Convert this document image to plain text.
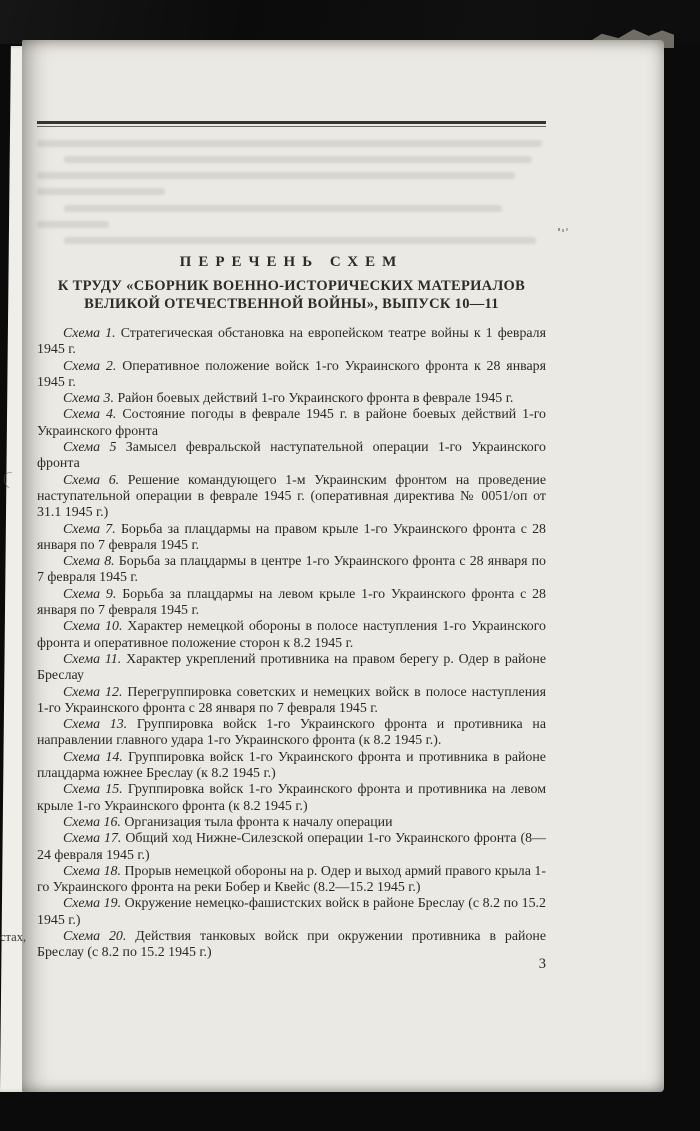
стах,
ПЕРЕЧЕНЬ СХЕМ
К ТРУДУ «СБОРНИК ВОЕННО-ИСТОРИЧЕСКИХ МАТЕРИАЛОВ
ВЕЛИКОЙ ОТЕЧЕСТВЕННОЙ ВОЙНЫ», ВЫПУСК 10—11

Схема 1. Стратегическая обстановка на европейском театре войны к 1 февраля 1945 г.

Схема 2. Оперативное положение войск 1-го Украинского фронта к 28 января 1945 г.

Схема 3. Район боевых действий 1-го Украинского фронта в феврале 1945 г.

Схема 4. Состояние погоды в феврале 1945 г. в районе боевых действий 1-го Украинского фронта

Схема 5 Замысел февральской наступательной операции 1-го Украинского фронта

Схема 6. Решение командующего 1-м Украинским фронтом на проведение наступательной операции в феврале 1945 г. (оперативная директива № 0051/оп от 31.1 1945 г.)

Схема 7. Борьба за плацдармы на правом крыле 1-го Украинского фронта с 28 января по 7 февраля 1945 г.

Схема 8. Борьба за плацдармы в центре 1-го Украинского фронта с 28 января по 7 февраля 1945 г.

Схема 9. Борьба за плацдармы на левом крыле 1-го Украинского фронта с 28 января по 7 февраля 1945 г.

Схема 10. Характер немецкой обороны в полосе наступления 1-го Украинского фронта и оперативное положение сторон к 8.2 1945 г.

Схема 11. Характер укреплений противника на правом берегу р. Одер в районе Бреслау

Схема 12. Перегруппировка советских и немецких войск в полосе наступления 1-го Украинского фронта с 28 января по 7 февраля 1945 г.

Схема 13. Группировка войск 1-го Украинского фронта и противника на направлении главного удара 1-го Украинского фронта (к 8.2 1945 г.).

Схема 14. Группировка войск 1-го Украинского фронта и противника в районе плацдарма южнее Бреслау (к 8.2 1945 г.)

Схема 15. Группировка войск 1-го Украинского фронта и противника на левом крыле 1-го Украинского фронта (к 8.2 1945 г.)

Схема 16. Организация тыла фронта к началу операции

Схема 17. Общий ход Нижне-Силезской операции 1-го Украинского фронта (8—24 февраля 1945 г.)

Схема 18. Прорыв немецкой обороны на р. Одер и выход армий правого крыла 1-го Украинского фронта на реки Бобер и Квейс (8.2—15.2 1945 г.)

Схема 19. Окружение немецко-фашистских войск в районе Бреслау (с 8.2 по 15.2 1945 г.)

Схема 20. Действия танковых войск при окружении противника в районе Бреслау (с 8.2 по 15.2 1945 г.)

3
